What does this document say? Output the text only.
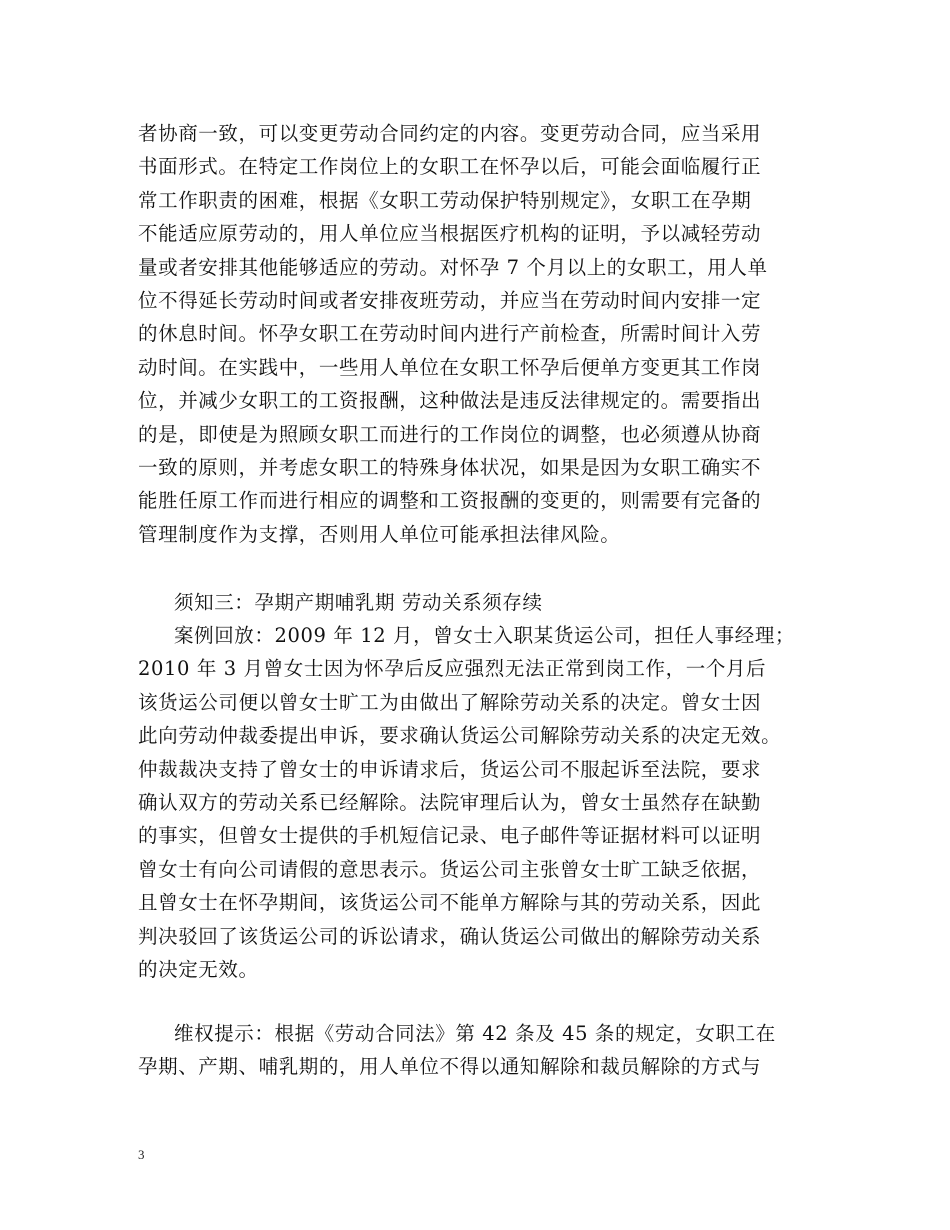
者协商一致，可以变更劳动合同约定的内容。变更劳动合同，应当采用
书面形式。在特定工作岗位上的女职工在怀孕以后，可能会面临履行正
常工作职责的困难，根据《女职工劳动保护特别规定》，女职工在孕期
不能适应原劳动的，用人单位应当根据医疗机构的证明，予以减轻劳动
量或者安排其他能够适应的劳动。对怀孕 7 个月以上的女职工，用人单
位不得延长劳动时间或者安排夜班劳动，并应当在劳动时间内安排一定
的休息时间。怀孕女职工在劳动时间内进行产前检查，所需时间计入劳
动时间。在实践中，一些用人单位在女职工怀孕后便单方变更其工作岗
位，并减少女职工的工资报酬，这种做法是违反法律规定的。需要指出
的是，即使是为照顾女职工而进行的工作岗位的调整，也必须遵从协商
一致的原则，并考虑女职工的特殊身体状况，如果是因为女职工确实不
能胜任原工作而进行相应的调整和工资报酬的变更的，则需要有完备的
管理制度作为支撑，否则用人单位可能承担法律风险。
须知三：孕期产期哺乳期 劳动关系须存续
案例回放：2009 年 12 月，曾女士入职某货运公司，担任人事经理；
2010 年 3 月曾女士因为怀孕后反应强烈无法正常到岗工作，一个月后
该货运公司便以曾女士旷工为由做出了解除劳动关系的决定。曾女士因
此向劳动仲裁委提出申诉，要求确认货运公司解除劳动关系的决定无效。
仲裁裁决支持了曾女士的申诉请求后，货运公司不服起诉至法院，要求
确认双方的劳动关系已经解除。法院审理后认为，曾女士虽然存在缺勤
的事实，但曾女士提供的手机短信记录、电子邮件等证据材料可以证明
曾女士有向公司请假的意思表示。货运公司主张曾女士旷工缺乏依据，
且曾女士在怀孕期间，该货运公司不能单方解除与其的劳动关系，因此
判决驳回了该货运公司的诉讼请求，确认货运公司做出的解除劳动关系
的决定无效。
维权提示：根据《劳动合同法》第 42 条及 45 条的规定，女职工在
孕期、产期、哺乳期的，用人单位不得以通知解除和裁员解除的方式与
3
